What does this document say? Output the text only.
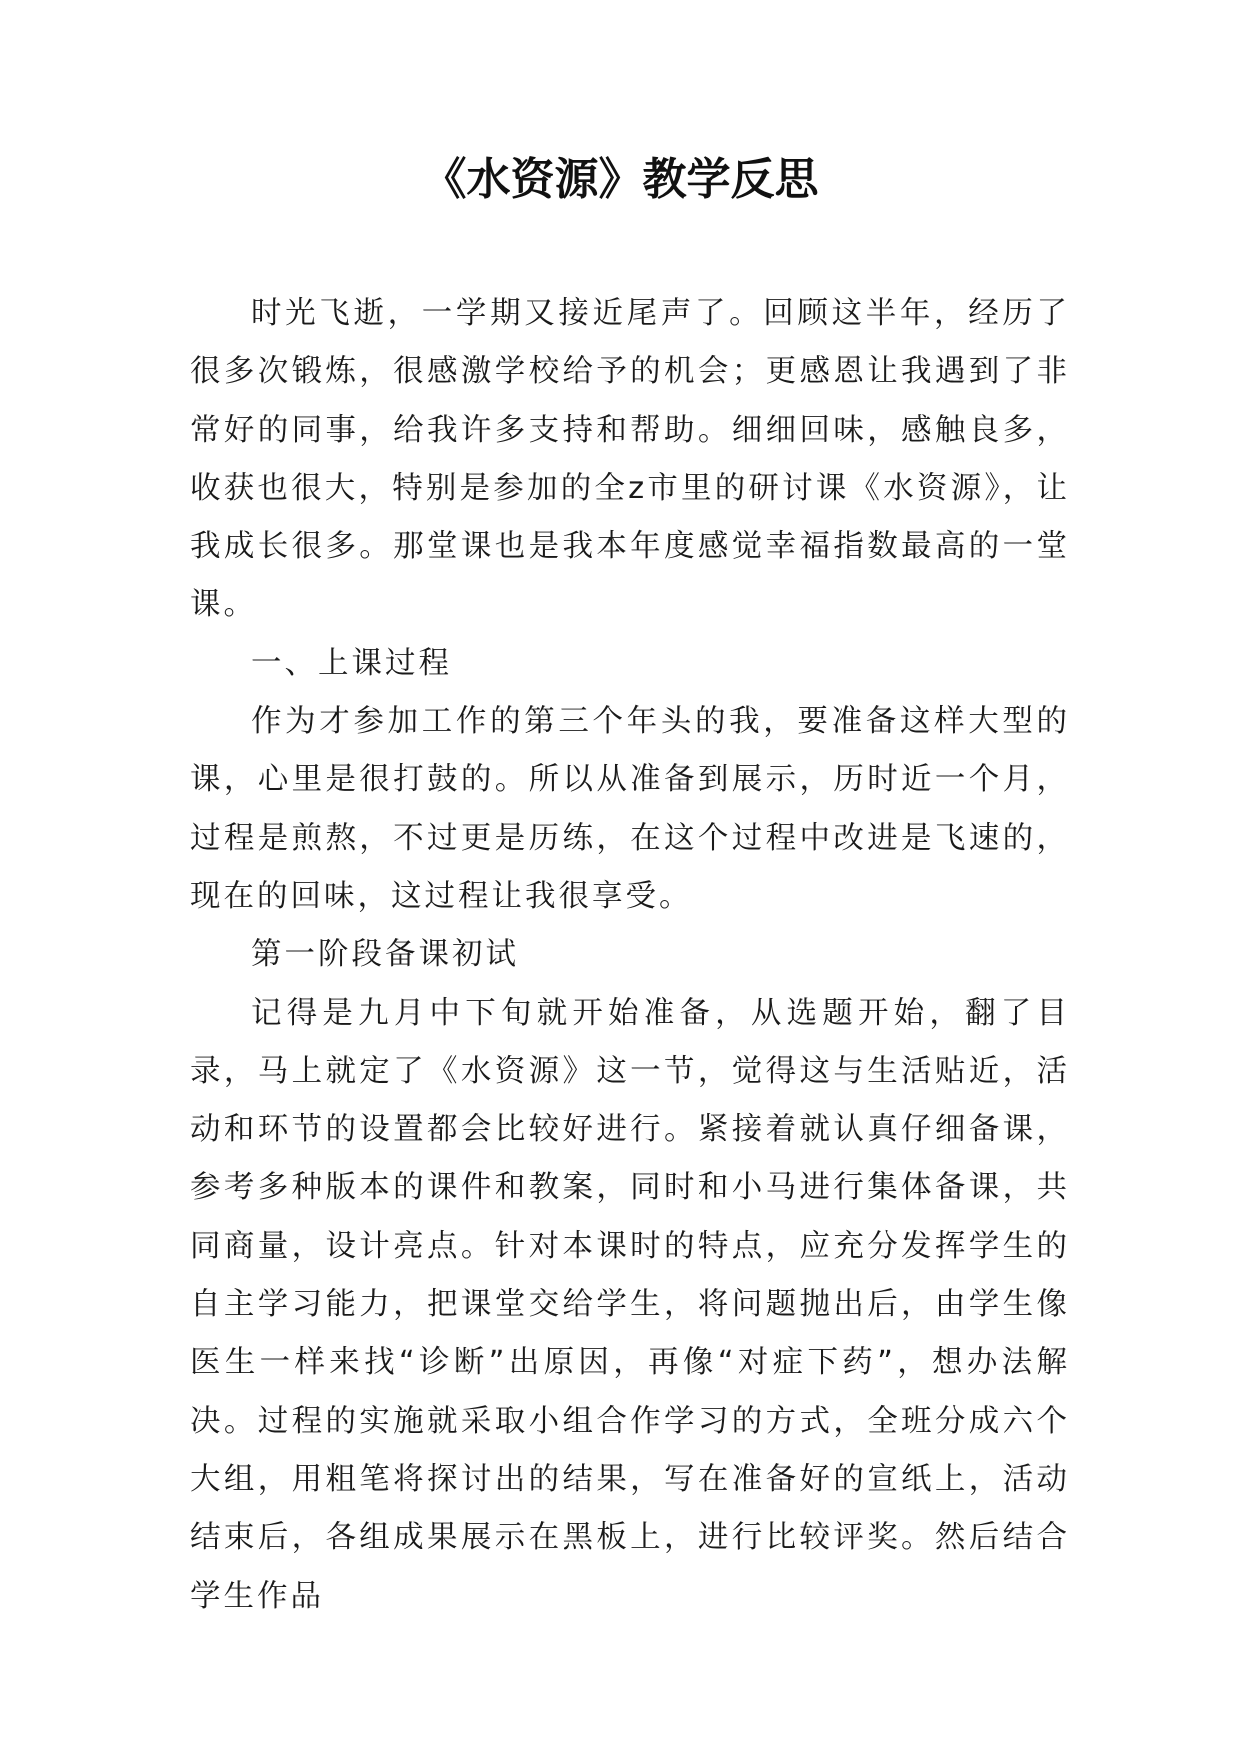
《水资源》教学反思

时光飞逝，一学期又接近尾声了。回顾这半年，经历了很多次锻炼，很感激学校给予的机会；更感恩让我遇到了非常好的同事，给我许多支持和帮助。细细回味，感触良多，收获也很大，特别是参加的全z市里的研讨课《水资源》，让我成长很多。那堂课也是我本年度感觉幸福指数最高的一堂课。

一、上课过程

作为才参加工作的第三个年头的我，要准备这样大型的课，心里是很打鼓的。所以从准备到展示，历时近一个月，过程是煎熬，不过更是历练，在这个过程中改进是飞速的，现在的回味，这过程让我很享受。

第一阶段备课初试

记得是九月中下旬就开始准备，从选题开始，翻了目录，马上就定了《水资源》这一节，觉得这与生活贴近，活动和环节的设置都会比较好进行。紧接着就认真仔细备课，参考多种版本的课件和教案，同时和小马进行集体备课，共同商量，设计亮点。针对本课时的特点，应充分发挥学生的自主学习能力，把课堂交给学生，将问题抛出后，由学生像医生一样来找“诊断”出原因，再像“对症下药”，想办法解决。过程的实施就采取小组合作学习的方式，全班分成六个大组，用粗笔将探讨出的结果，写在准备好的宣纸上，活动结束后，各组成果展示在黑板上，进行比较评奖。然后结合学生作品
